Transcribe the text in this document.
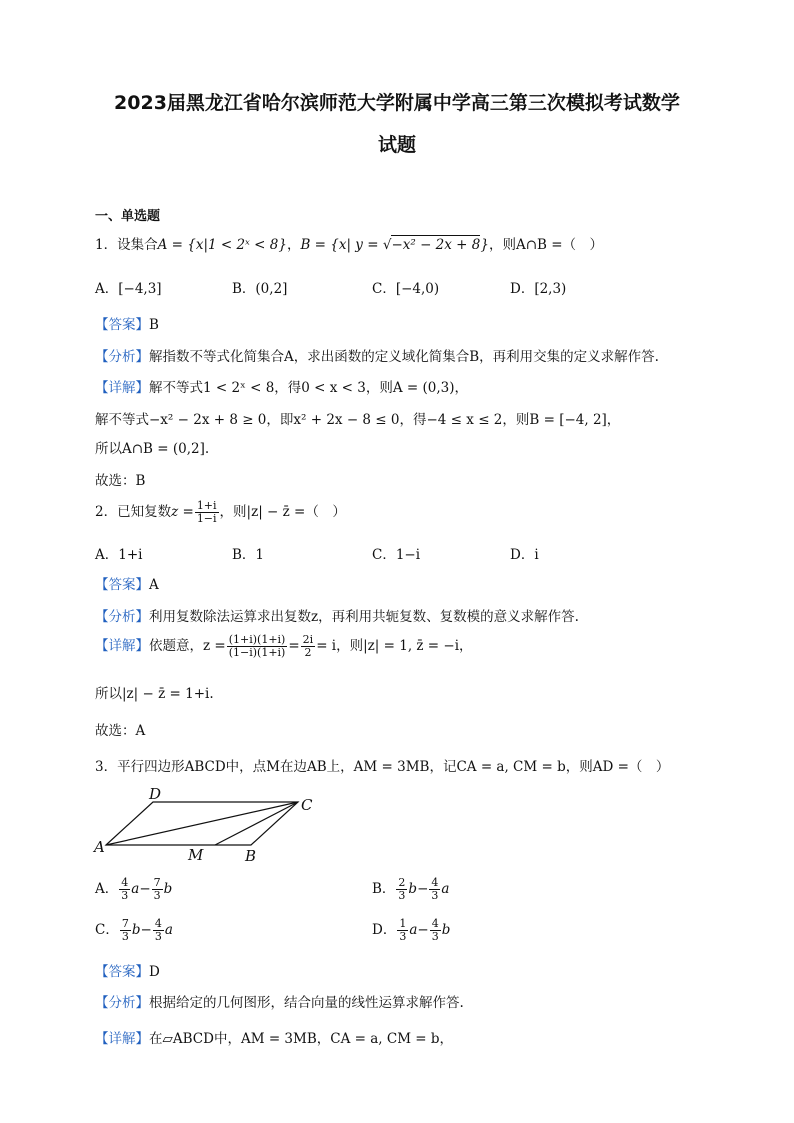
2023届黑龙江省哈尔滨师范大学附属中学高三第三次模拟考试数学
试题
一、单选题
1．设集合A = {x|1 < 2ˣ < 8}，B = {x| y = √−x² − 2x + 8}，则A∩B =（　）
A．[−4,3]	B．(0,2]	C．[−4,0)	D．[2,3)
【答案】B
【分析】解指数不等式化简集合A，求出函数的定义域化简集合B，再利用交集的定义求解作答.
【详解】解不等式1 < 2ˣ < 8，得0 < x < 3，则A = (0,3)，
解不等式−x² − 2x + 8 ≥ 0，即x² + 2x − 8 ≤ 0，得−4 ≤ x ≤ 2，则B = [−4, 2]，
所以A∩B = (0,2].
故选：B
2．已知复数$z = \frac{1+i}{1-i}$ ，则|z| − z̄ =（　）
A．1+i	B．1	C．1−i	D．i
【答案】A
【分析】利用复数除法运算求出复数z，再利用共轭复数、复数模的意义求解作答.
【详解】依题意，$z = \frac{(1+i)(1+i)}{(1-i)(1+i)} = \frac{2i}{2} = i$，则|z| = 1, z̄ = −i，
所以|z| − z̄ = 1+i.
故选：A
3．平行四边形ABCD中，点M在边AB上，AM = 3MB，记CA = a, CM = b，则AD =（　）
A	B
C
D
M
A． $\frac{4}{3} a- \frac{7}{3}$ b	B． $\frac{2}{3} b- \frac{4}{3}$ a
C． $\frac{7}{3} b- \frac{4}{3}$ a	D． $\frac{1}{3} a- \frac{4}{3}$ b
【答案】D
【分析】根据给定的几何图形，结合向量的线性运算求解作答.
【详解】在▱ABCD中，AM = 3MB，CA = a, CM = b，
